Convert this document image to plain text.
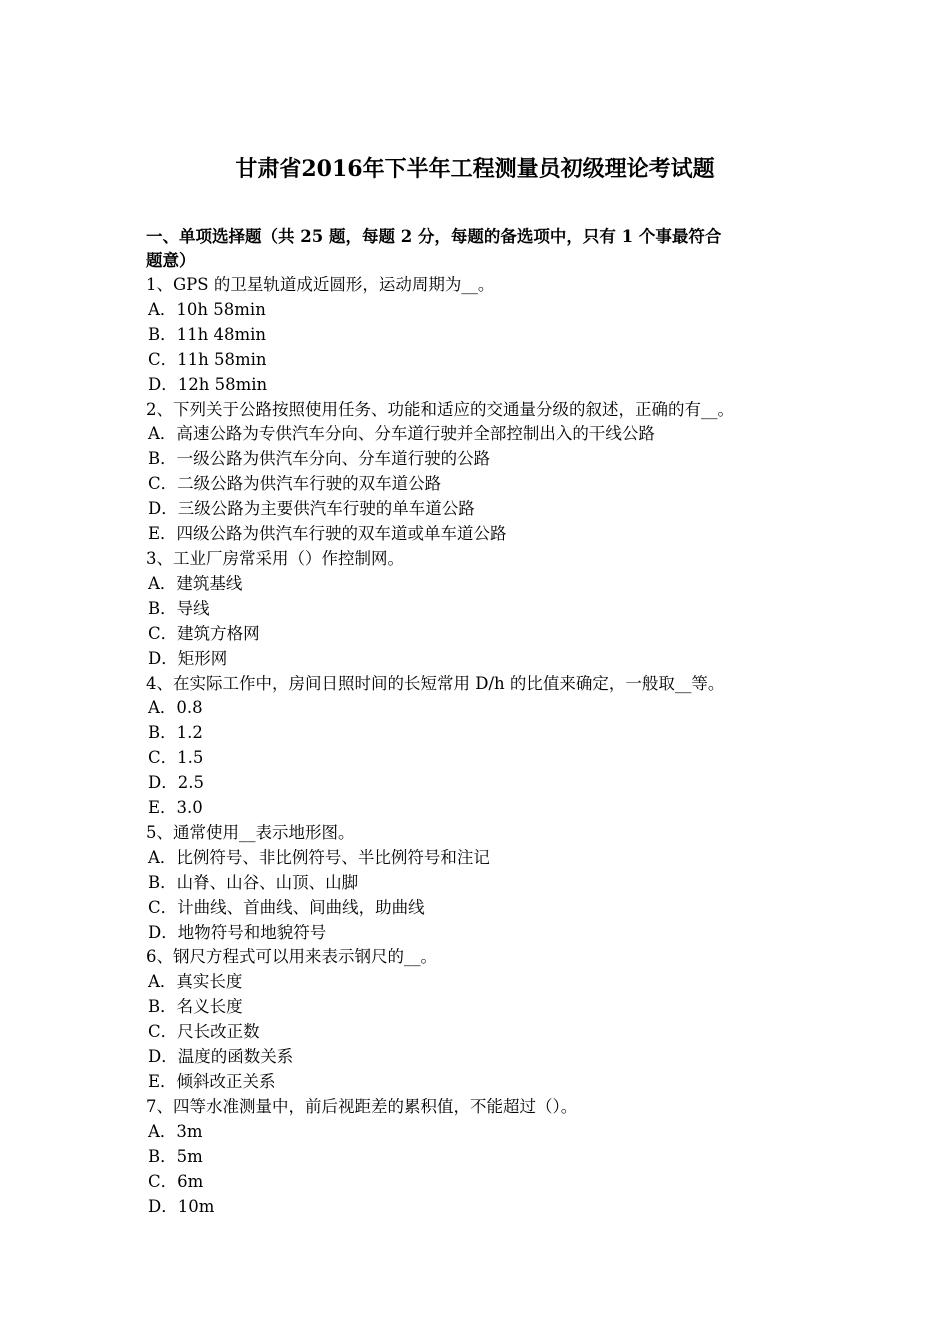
甘肃省2016年下半年工程测量员初级理论考试题
一、单项选择题（共 25 题，每题 2 分，每题的备选项中，只有 1 个事最符合
题意）
1、GPS 的卫星轨道成近圆形，运动周期为__。
A．10h 58min
B．11h 48min
C．11h 58min
D．12h 58min
2、下列关于公路按照使用任务、功能和适应的交通量分级的叙述，正确的有__。
A．高速公路为专供汽车分向、分车道行驶并全部控制出入的干线公路
B．一级公路为供汽车分向、分车道行驶的公路
C．二级公路为供汽车行驶的双车道公路
D．三级公路为主要供汽车行驶的单车道公路
E．四级公路为供汽车行驶的双车道或单车道公路
3、工业厂房常采用（）作控制网。
A．建筑基线
B．导线
C．建筑方格网
D．矩形网
4、在实际工作中，房间日照时间的长短常用 D/h 的比值来确定，一般取__等。
A．0.8
B．1.2
C．1.5
D．2.5
E．3.0
5、通常使用__表示地形图。
A．比例符号、非比例符号、半比例符号和注记
B．山脊、山谷、山顶、山脚
C．计曲线、首曲线、间曲线，助曲线
D．地物符号和地貌符号
6、钢尺方程式可以用来表示钢尺的__。
A．真实长度
B．名义长度
C．尺长改正数
D．温度的函数关系
E．倾斜改正关系
7、四等水准测量中，前后视距差的累积值，不能超过（）。
A．3m
B．5m
C．6m
D．10m
